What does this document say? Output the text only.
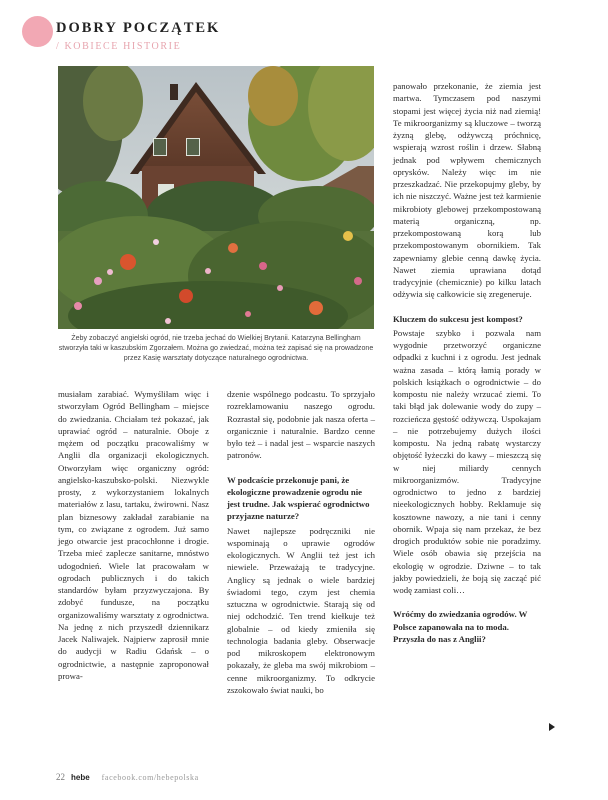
DOBRY POCZĄTEK
/ KOBIECE HISTORIE

Żeby zobaczyć angielski ogród, nie trzeba jechać do Wielkiej Brytanii. Katarzyna Bellingham stworzyła taki w kaszubskim Zgorzałem. Można go zwiedzać, można też zapisać się na prowadzone przez Kasię warsztaty dotyczące naturalnego ogrodnictwa.

musiałam zarabiać. Wymyśliłam więc i stworzyłam Ogród Bellingham – miejsce do zwiedzania. Chciałam też pokazać, jak uprawiać ogród – naturalnie. Oboje z mężem od początku pracowaliśmy w Anglii dla organizacji ekologicznych. Otworzyłam więc organiczny ogród: angielsko-kaszubsko-polski. Niezwykle prosty, z wykorzystaniem lokalnych materiałów z lasu, tartaku, żwirowni. Nasz plan biznesowy zakładał zarabianie na tym, co związane z ogrodem. Już samo jego otwarcie jest pracochłonne i drogie. Trzeba mieć zaplecze sanitarne, mnóstwo udogodnień. Wiele lat pracowałam w ogrodach publicznych i do takich standardów byłam przyzwyczajona. By zdobyć fundusze, na początku organizowaliśmy warsztaty z ogrodnictwa. Na jednę z nich przyszedł dziennikarz Jacek Naliwajek. Najpierw zaprosił mnie do audycji w Radiu Gdańsk – o ogrodnictwie, a następnie zaproponował prowa-

dzenie wspólnego podcastu. To sprzyjało rozreklamowaniu naszego ogrodu. Rozrastał się, podobnie jak nasza oferta – organicznie i naturalnie. Bardzo cenne było też – i nadal jest – wsparcie naszych patronów.

W podcaście przekonuje pani, że ekologiczne prowadzenie ogrodu nie jest trudne. Jak wspierać ogrodnictwo przyjazne naturze?

Nawet najlepsze podręczniki nie wspominają o uprawie ogrodów ekologicznych. W Anglii też jest ich niewiele. Przeważają te tradycyjne. Anglicy są jednak o wiele bardziej świadomi tego, czym jest chemia sztuczna w ogrodnictwie. Starają się od niej odchodzić. Ten trend kiełkuje też globalnie – od kiedy zmieniła się technologia badania gleby. Obserwacje pod mikroskopem elektronowym pokazały, że gleba ma swój mikrobiom – cenne mikroorganizmy. To odkrycie zszokowało świat nauki, bo

panowało przekonanie, że ziemia jest martwa. Tymczasem pod naszymi stopami jest więcej życia niż nad ziemią! Te mikroorganizmy są kluczowe – tworzą żyzną glebę, odżywczą próchnicę, wspierają wzrost roślin i drzew. Słabną jednak pod wpływem chemicznych oprysków. Należy więc im nie przeszkadzać. Nie przekopujmy gleby, by ich nie niszczyć. Ważne jest też karmienie mikrobioty glebowej przekompostowaną materią organiczną, np. przekompostowaną korą lub przekompostowanym obornikiem. Tak zapewniamy glebie cenną dawkę życia. Nawet ziemia uprawiana dotąd tradycyjnie (chemicznie) po kilku latach odżywia się całkowicie się zregeneruje.

Kluczem do sukcesu jest kompost?

Powstaje szybko i pozwala nam wygodnie przetworzyć organiczne odpadki z kuchni i z ogrodu. Jest jednak ważna zasada – którą łamią porady w polskich książkach o ogrodnictwie – do kompostu nie należy wrzucać ziemi. To taki błąd jak dolewanie wody do zupy – rozcieńcza gęstość odżywczą. Uspokajam – nie potrzebujemy dużych ilości kompostu. Na jedną rabatę wystarczy objętość łyżeczki do kawy – mieszczą się w niej miliardy cennych mikroorganizmów. Tradycyjne ogrodnictwo to jedno z bardziej nieekologicznych hobby. Reklamuje się kosztowne nawozy, a nie tani i cenny obornik. Wpaja się nam przekaz, że bez drogich produktów sobie nie poradzimy. Wiele osób obawia się przejścia na ekologię w ogrodzie. Dziwne – to tak jakby powiedzieli, że boją się zacząć pić wodę zamiast coli…

Wróćmy do zwiedzania ogrodów. W Polsce zapanowała na to moda. Przyszła do nas z Anglii?

22 hebe facebook.com/hebepolska
